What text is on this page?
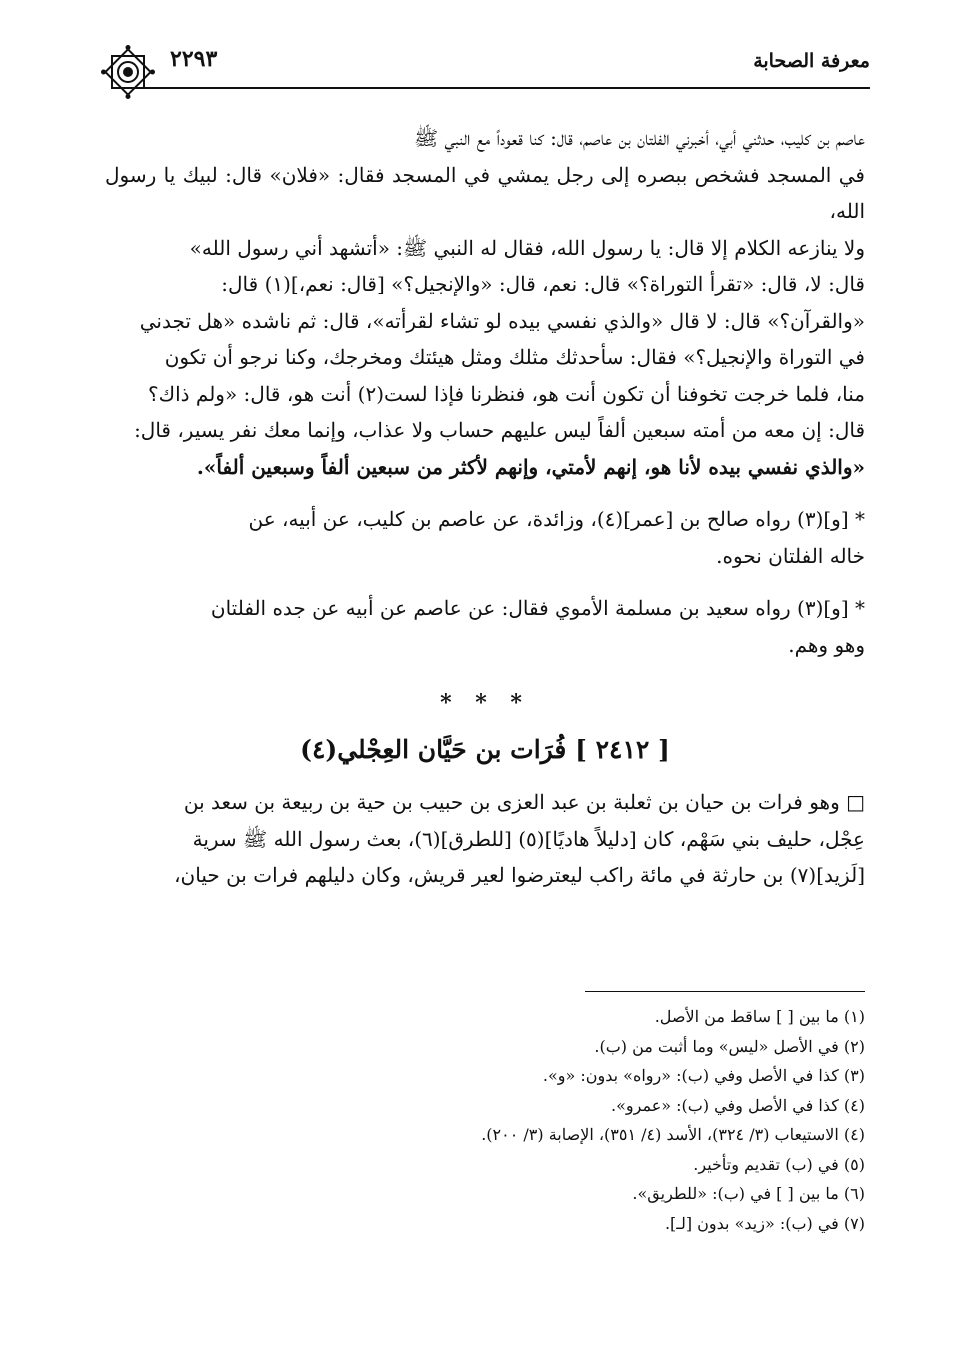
٢٢٩٣	معرفة الصحابة

عاصم بن كليب، حدثني أبي، أخبرني الفلتان بن عاصم، قال: كنا قعوداً مع النبي ﷺ

في المسجد فشخص ببصره إلى رجل يمشي في المسجد فقال: «فلان» قال: لبيك يا رسول الله،

ولا ينازعه الكلام إلا قال: يا رسول الله، فقال له النبي ﷺ: «أتشهد أني رسول الله»

قال: لا، قال: «تقرأ التوراة؟» قال: نعم، قال: «والإنجيل؟» [قال: نعم،](١) قال:

«والقرآن؟» قال: لا قال «والذي نفسي بيده لو تشاء لقرأته»، قال: ثم ناشده «هل تجدني

في التوراة والإنجيل؟» فقال: سأحدثك مثلك ومثل هيئتك ومخرجك، وكنا نرجو أن تكون

منا، فلما خرجت تخوفنا أن تكون أنت هو، فنظرنا فإذا لست(٢) أنت هو، قال: «ولم ذاك؟

قال: إن معه من أمته سبعين ألفاً ليس عليهم حساب ولا عذاب، وإنما معك نفر يسير، قال:

«والذي نفسي بيده لأنا هو، إنهم لأمتي، وإنهم لأكثر من سبعين ألفاً وسبعين ألفاً».

* [و](٣) رواه صالح بن [عمر](٤)، وزائدة، عن عاصم بن كليب، عن أبيه، عن

خاله الفلتان نحوه.

* [و](٣) رواه سعيد بن مسلمة الأموي فقال: عن عاصم عن أبيه عن جده الفلتان

وهو وهم.

* * *
[ ٢٤١٢ ] فُرَات بن حَيَّان العِجْلي(٤)

□ وهو فرات بن حيان بن ثعلبة بن عبد العزى بن حبيب بن حية بن ربيعة بن سعد بن

عِجْل، حليف بني سَهْم، كان [دليلاً هاديًا](٥) [للطرق](٦)، بعث رسول الله ﷺ سرية

[لَزيد](٧) بن حارثة في مائة راكب ليعترضوا لعير قريش، وكان دليلهم فرات بن حيان،

(١) ما بين [ ] ساقط من الأصل.
(٢) في الأصل «ليس» وما أثبت من (ب).
(٣) كذا في الأصل وفي (ب): «رواه» بدون: «و».
(٤) كذا في الأصل وفي (ب): «عمرو».
(٤) الاستيعاب (٣/ ٣٢٤)، الأسد (٤/ ٣٥١)، الإصابة (٣/ ٢٠٠).
(٥) في (ب) تقديم وتأخير.
(٦) ما بين [ ] في (ب): «للطريق».
(٧) في (ب): «زيد» بدون [لـ].
